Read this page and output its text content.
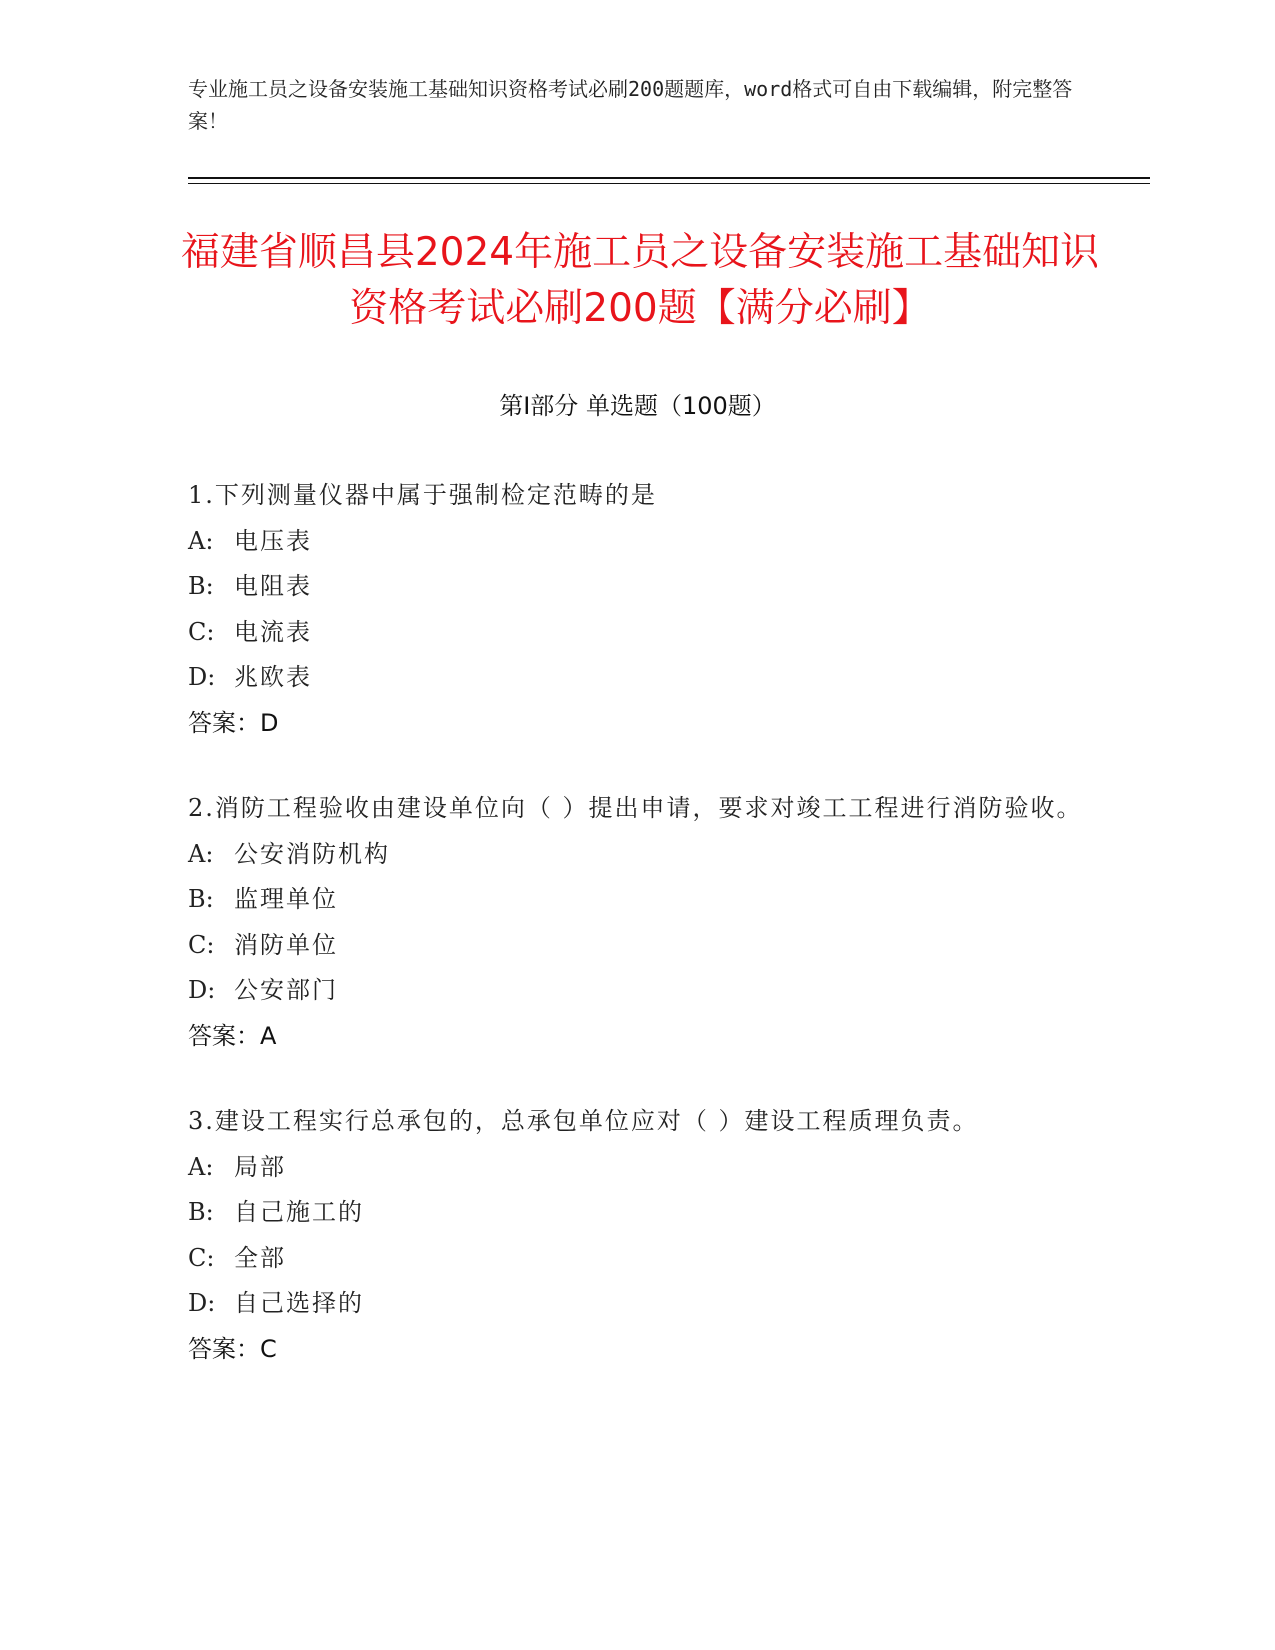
专业施工员之设备安装施工基础知识资格考试必刷200题题库，word格式可自由下载编辑，附完整答案！
福建省顺昌县2024年施工员之设备安装施工基础知识资格考试必刷200题【满分必刷】
第Ⅰ部分 单选题（100题）
1.下列测量仪器中属于强制检定范畴的是
A: 电压表
B: 电阻表
C: 电流表
D: 兆欧表
答案：D
2.消防工程验收由建设单位向（ ）提出申请，要求对竣工工程进行消防验收。
A: 公安消防机构
B: 监理单位
C: 消防单位
D: 公安部门
答案：A
3.建设工程实行总承包的，总承包单位应对（ ）建设工程质理负责。
A: 局部
B: 自己施工的
C: 全部
D: 自己选择的
答案：C
